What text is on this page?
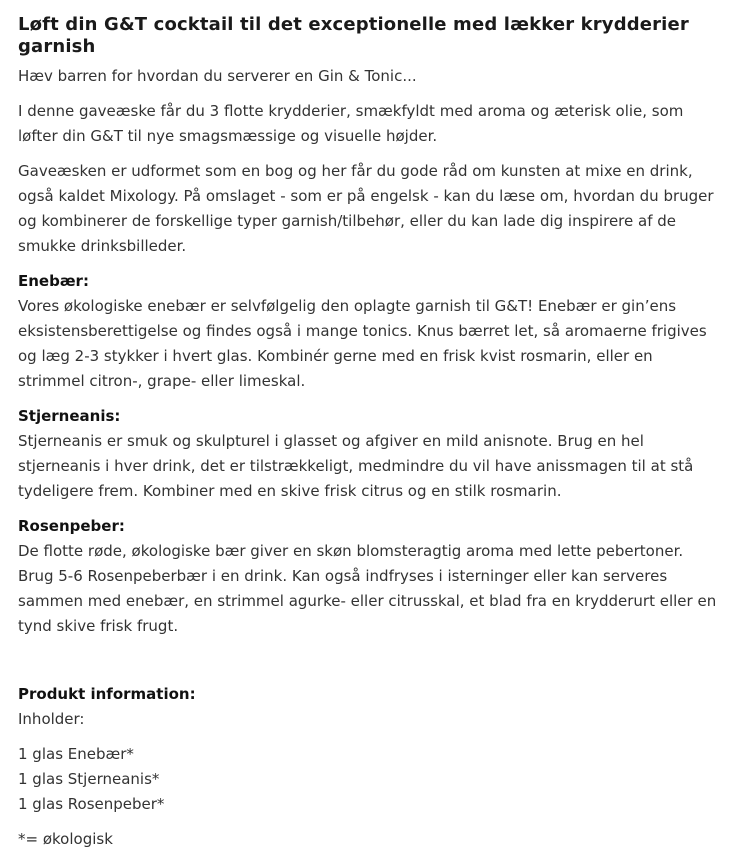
Løft din G&T cocktail til det exceptionelle med lækker krydderier garnish

Hæv barren for hvordan du serverer en Gin & Tonic...

I denne gaveæske får du 3 flotte krydderier, smækfyldt med aroma og æterisk olie, som løfter din G&T til nye smagsmæssige og visuelle højder.

Gaveæsken er udformet som en bog og her får du gode råd om kunsten at mixe en drink, også kaldet Mixology. På omslaget - som er på engelsk - kan du læse om, hvordan du bruger og kombinerer de forskellige typer garnish/tilbehør, eller du kan lade dig inspirere af de smukke drinksbilleder.

Enebær:

Vores økologiske enebær er selvfølgelig den oplagte garnish til G&T! Enebær er gin’ens eksistensberettigelse og findes også i mange tonics. Knus bærret let, så aromaerne frigives og læg 2-3 stykker i hvert glas. Kombinér gerne med en frisk kvist rosmarin, eller en strimmel citron-, grape- eller limeskal.

Stjerneanis:

Stjerneanis er smuk og skulpturel i glasset og afgiver en mild anisnote. Brug en hel stjerneanis i hver drink, det er tilstrækkeligt, medmindre du vil have anissmagen til at stå tydeligere frem. Kombiner med en skive frisk citrus og en stilk rosmarin.

Rosenpeber:

De flotte røde, økologiske bær giver en skøn blomsteragtig aroma med lette pebertoner. Brug 5-6 Rosenpeberbær i en drink. Kan også indfryses i isterninger eller kan serveres sammen med enebær, en strimmel agurke- eller citrusskal, et blad fra en krydderurt eller en tynd skive frisk frugt.

Produkt information:

Inholder:

1 glas Enebær*

1 glas Stjerneanis*

1 glas Rosenpeber*

*= økologisk
